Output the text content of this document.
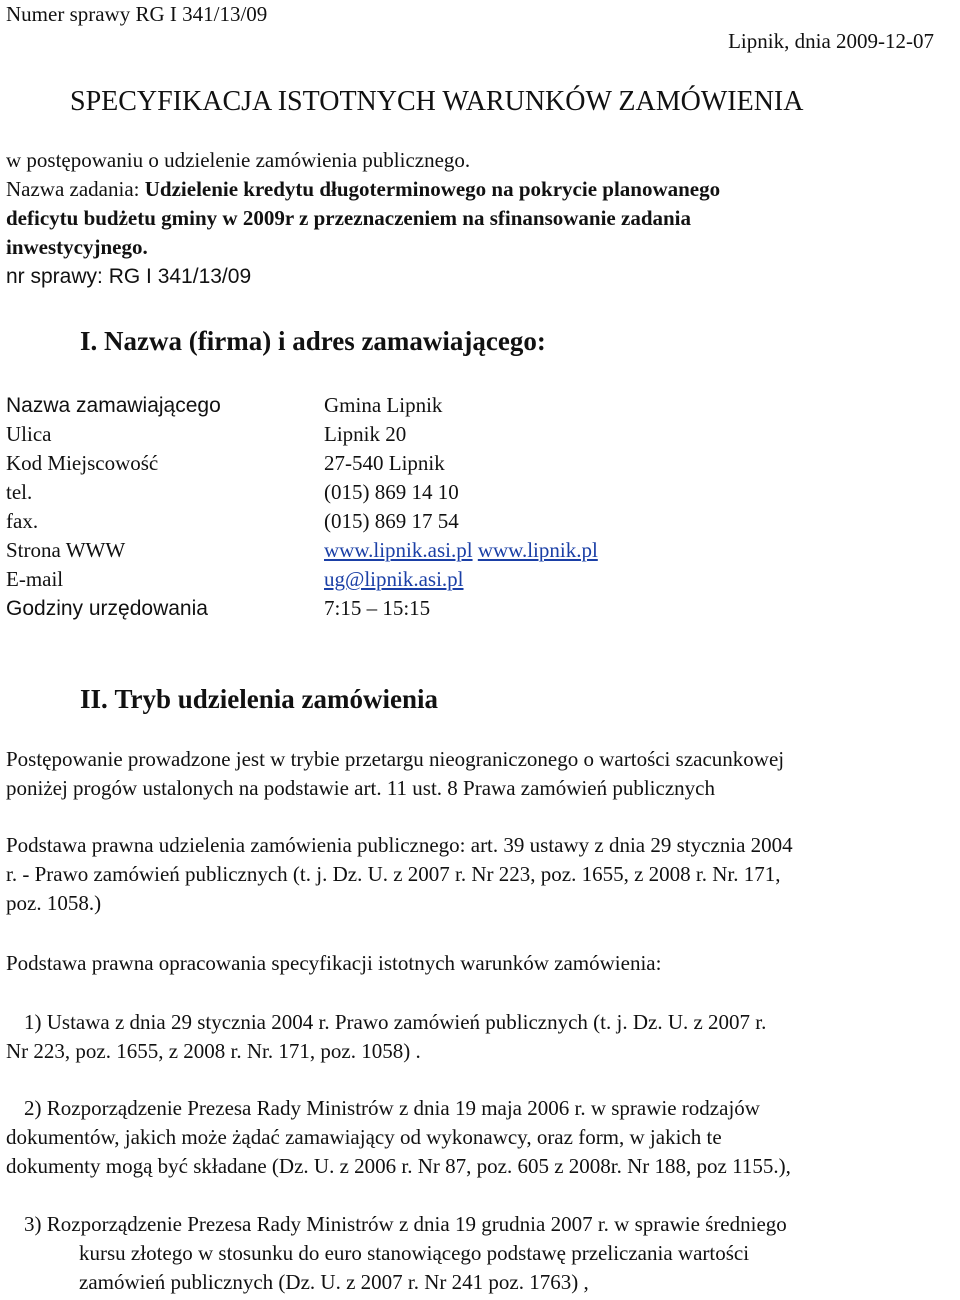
Numer sprawy RG I 341/13/09
Lipnik, dnia 2009-12-07
SPECYFIKACJA ISTOTNYCH WARUNKÓW ZAMÓWIENIA
w postępowaniu o udzielenie zamówienia publicznego.
Nazwa zadania: Udzielenie kredytu długoterminowego na pokrycie planowanego
deficytu budżetu gminy w 2009r z przeznaczeniem na sfinansowanie zadania
inwestycyjnego.
nr sprawy: RG I 341/13/09
I. Nazwa (firma) i adres zamawiającego:
Nazwa zamawiającego	Gmina Lipnik
Ulica	Lipnik 20
Kod Miejscowość	27-540 Lipnik
tel.	(015) 869 14 10
fax.	(015) 869 17 54
Strona WWW	www.lipnik.asi.pl www.lipnik.pl
E-mail	ug@lipnik.asi.pl
Godziny urzędowania	7:15 – 15:15
II. Tryb udzielenia zamówienia
Postępowanie prowadzone jest w trybie przetargu nieograniczonego o wartości szacunkowej
poniżej progów ustalonych na podstawie art. 11 ust. 8 Prawa zamówień publicznych
Podstawa prawna udzielenia zamówienia publicznego: art. 39 ustawy z dnia 29 stycznia 2004
r. - Prawo zamówień publicznych (t. j. Dz. U. z 2007 r. Nr 223, poz. 1655, z 2008 r. Nr. 171,
poz. 1058.)
Podstawa prawna opracowania specyfikacji istotnych warunków zamówienia:
1) Ustawa z dnia 29 stycznia 2004 r. Prawo zamówień publicznych (t. j. Dz. U. z 2007 r.
Nr 223, poz. 1655, z 2008 r. Nr. 171, poz. 1058) .
2) Rozporządzenie Prezesa Rady Ministrów z dnia 19 maja 2006 r. w sprawie rodzajów
dokumentów, jakich może żądać zamawiający od wykonawcy, oraz form, w jakich te
dokumenty mogą być składane (Dz. U. z 2006 r. Nr 87, poz. 605 z 2008r. Nr 188, poz 1155.),
3) Rozporządzenie Prezesa Rady Ministrów z dnia 19 grudnia 2007 r. w sprawie średniego
kursu złotego w stosunku do euro stanowiącego podstawę przeliczania wartości
zamówień publicznych (Dz. U. z 2007 r. Nr 241 poz. 1763) ,
